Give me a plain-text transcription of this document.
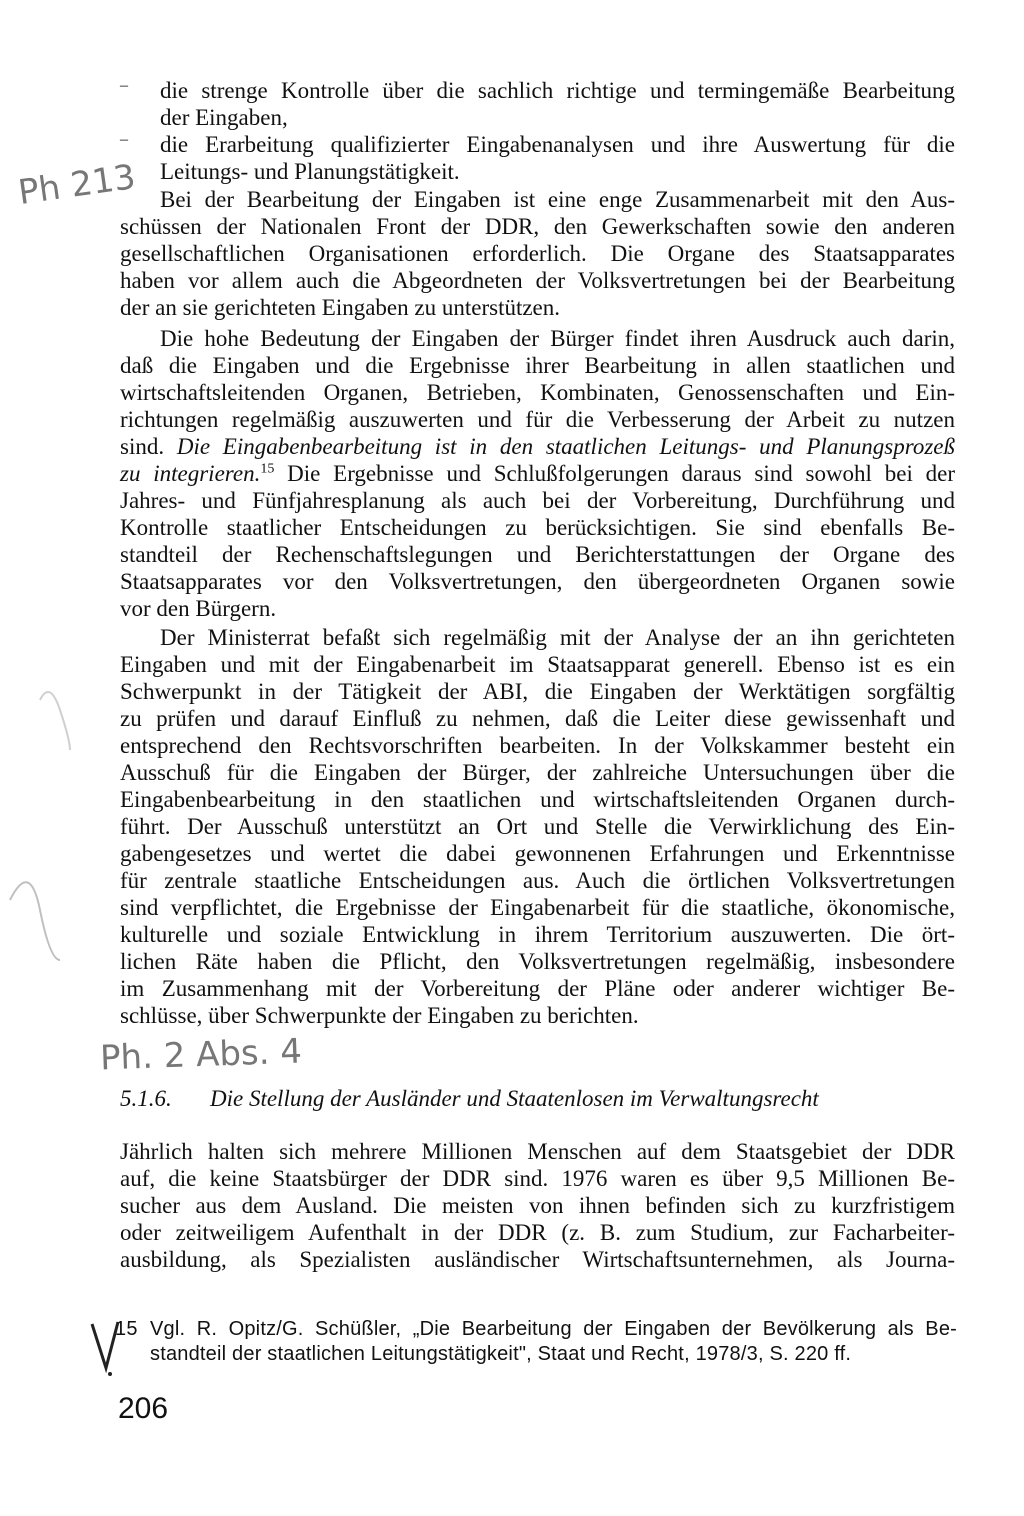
– die strenge Kontrolle über die sachlich richtige und termingemäße Bearbeitung
der Eingaben,
– die Erarbeitung qualifizierter Eingabenanalysen und ihre Auswertung für die
Leitungs- und Planungstätigkeit.
Bei der Bearbeitung der Eingaben ist eine enge Zusammenarbeit mit den Aus-
schüssen der Nationalen Front der DDR, den Gewerkschaften sowie den anderen
gesellschaftlichen Organisationen erforderlich. Die Organe des Staatsapparates
haben vor allem auch die Abgeordneten der Volksvertretungen bei der Bearbeitung
der an sie gerichteten Eingaben zu unterstützen.
Die hohe Bedeutung der Eingaben der Bürger findet ihren Ausdruck auch darin,
daß die Eingaben und die Ergebnisse ihrer Bearbeitung in allen staatlichen und
wirtschaftsleitenden Organen, Betrieben, Kombinaten, Genossenschaften und Ein-
richtungen regelmäßig auszuwerten und für die Verbesserung der Arbeit zu nutzen
sind. Die Eingabenbearbeitung ist in den staatlichen Leitungs- und Planungsprozeß
zu integrieren.$^{15}$ Die Ergebnisse und Schlußfolgerungen daraus sind sowohl bei der
Jahres- und Fünfjahresplanung als auch bei der Vorbereitung, Durchführung und
Kontrolle staatlicher Entscheidungen zu berücksichtigen. Sie sind ebenfalls Be-
standteil der Rechenschaftslegungen und Berichterstattungen der Organe des
Staatsapparates vor den Volksvertretungen, den übergeordneten Organen sowie
vor den Bürgern.
Der Ministerrat befaßt sich regelmäßig mit der Analyse der an ihn gerichteten
Eingaben und mit der Eingabenarbeit im Staatsapparat generell. Ebenso ist es ein
Schwerpunkt in der Tätigkeit der ABI, die Eingaben der Werktätigen sorgfältig
zu prüfen und darauf Einfluß zu nehmen, daß die Leiter diese gewissenhaft und
entsprechend den Rechtsvorschriften bearbeiten. In der Volkskammer besteht ein
Ausschuß für die Eingaben der Bürger, der zahlreiche Untersuchungen über die
Eingabenbearbeitung in den staatlichen und wirtschaftsleitenden Organen durch-
führt. Der Ausschuß unterstützt an Ort und Stelle die Verwirklichung des Ein-
gabengesetzes und wertet die dabei gewonnenen Erfahrungen und Erkenntnisse
für zentrale staatliche Entscheidungen aus. Auch die örtlichen Volksvertretungen
sind verpflichtet, die Ergebnisse der Eingabenarbeit für die staatliche, ökonomische,
kulturelle und soziale Entwicklung in ihrem Territorium auszuwerten. Die ört-
lichen Räte haben die Pflicht, den Volksvertretungen regelmäßig, insbesondere
im Zusammenhang mit der Vorbereitung der Pläne oder anderer wichtiger Be-
schlüsse, über Schwerpunkte der Eingaben zu berichten.
5.1.6. Die Stellung der Ausländer und Staatenlosen im Verwaltungsrecht
Jährlich halten sich mehrere Millionen Menschen auf dem Staatsgebiet der DDR
auf, die keine Staatsbürger der DDR sind. 1976 waren es über 9,5 Millionen Be-
sucher aus dem Ausland. Die meisten von ihnen befinden sich zu kurzfristigem
oder zeitweiligem Aufenthalt in der DDR (z. B. zum Studium, zur Facharbeiter-
ausbildung, als Spezialisten ausländischer Wirtschaftsunternehmen, als Journa-
15 Vgl. R. Opitz/G. Schüßler, „Die Bearbeitung der Eingaben der Bevölkerung als Be-
standteil der staatlichen Leitungstätigkeit", Staat und Recht, 1978/3, S. 220 ff.
206
Ph 213
Ph. 2 Abs. 4
